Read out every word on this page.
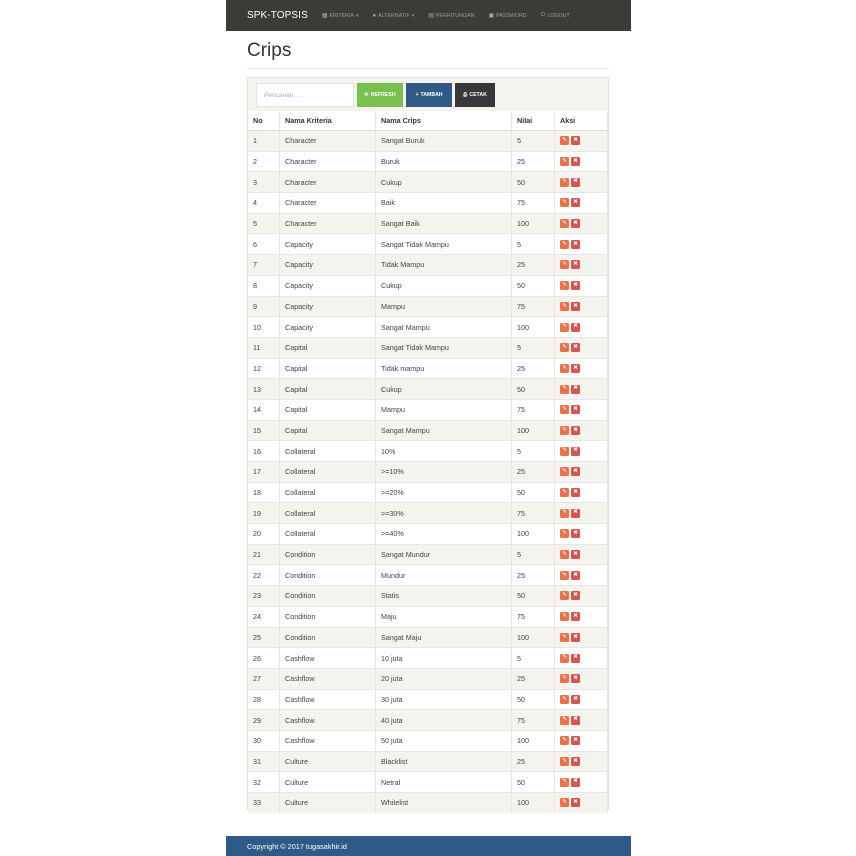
SPK-TOPSIS ▦ KRITERIA ▾ ● ALTERNATIF ▾ ▤ PERHITUNGAN ▣ PASSWORD ⏻ LOGOUT
Crips
Pencarian . . .
⟳ REFRESH	+ TAMBAH	⎙ CETAK
No	Nama Kriteria	Nama Crips	Nilai	Aksi
1	Character	Sangat Buruk	5	✎ ✖

2	Character	Buruk	25	✎ ✖

3	Character	Cukup	50	✎ ✖

4	Character	Baik	75	✎ ✖

5	Character	Sangat Baik	100	✎ ✖

6	Capacity	Sangat Tidak Mampu	5	✎ ✖

7	Capacity	Tidak Mampu	25	✎ ✖

8	Capacity	Cukup	50	✎ ✖

9	Capacity	Mampu	75	✎ ✖

10	Capacity	Sangat Mampu	100	✎ ✖

11	Capital	Sangat Tidak Mampu	5	✎ ✖

12	Capital	Tidak mampu	25	✎ ✖

13	Capital	Cukup	50	✎ ✖

14	Capital	Mampu	75	✎ ✖

15	Capital	Sangat Mampu	100	✎ ✖

16	Collateral	10%	5	✎ ✖

17	Collateral	>=10%	25	✎ ✖

18	Collateral	>=20%	50	✎ ✖

19	Collateral	>=30%	75	✎ ✖

20	Collateral	>=40%	100	✎ ✖

21	Condition	Sangat Mundur	5	✎ ✖

22	Condition	Mundur	25	✎ ✖

23	Condition	Statis	50	✎ ✖

24	Condition	Maju	75	✎ ✖

25	Condition	Sangat Maju	100	✎ ✖

26	Cashflow	10 juta	5	✎ ✖

27	Cashflow	20 juta	25	✎ ✖

28	Cashflow	30 juta	50	✎ ✖

29	Cashflow	40 juta	75	✎ ✖

30	Cashflow	50 juta	100	✎ ✖

31	Culture	Blacklist	25	✎ ✖

32	Culture	Netral	50	✎ ✖

33	Culture	Whitelist	100	✎ ✖
Copyright © 2017 tugasakhir.id
